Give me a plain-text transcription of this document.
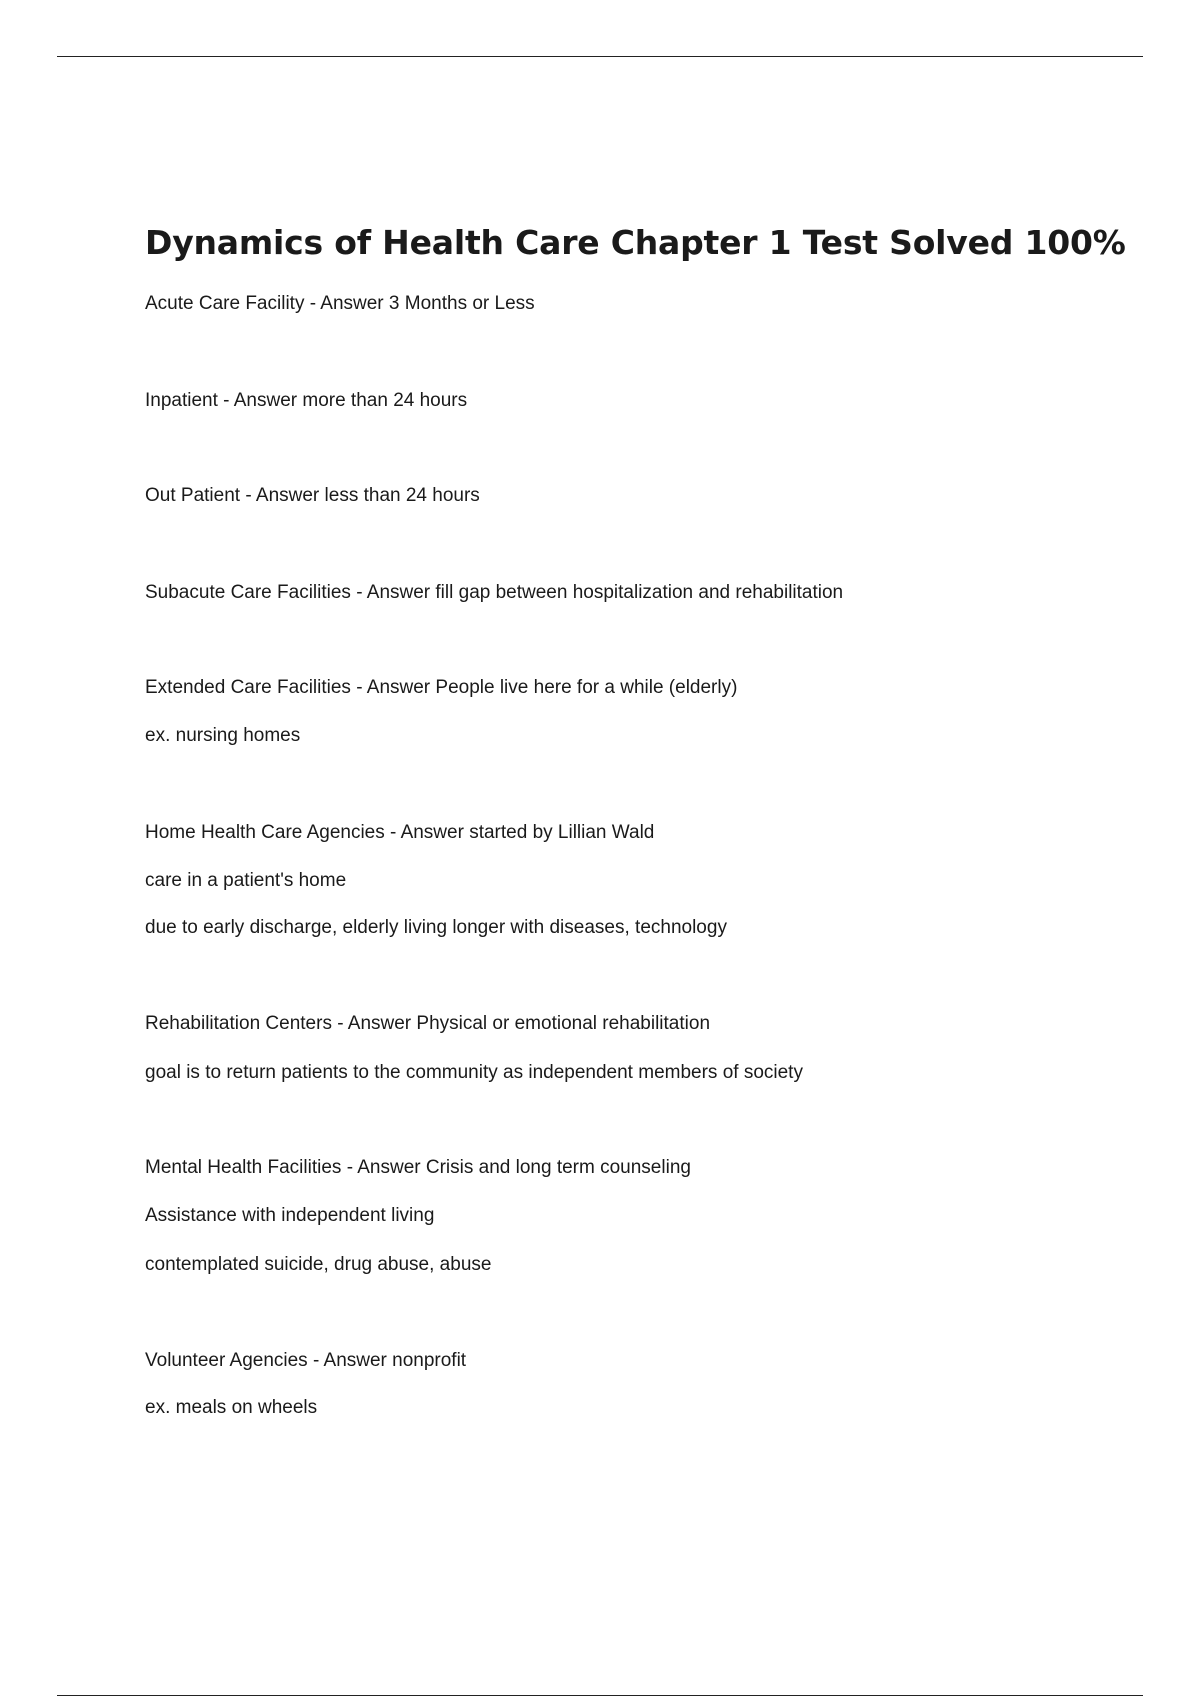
Dynamics of Health Care Chapter 1 Test Solved 100%

Acute Care Facility - Answer 3 Months or Less

Inpatient - Answer more than 24 hours

Out Patient - Answer less than 24 hours

Subacute Care Facilities - Answer fill gap between hospitalization and rehabilitation

Extended Care Facilities - Answer People live here for a while (elderly)

ex. nursing homes

Home Health Care Agencies - Answer started by Lillian Wald

care in a patient's home

due to early discharge, elderly living longer with diseases, technology

Rehabilitation Centers - Answer Physical or emotional rehabilitation

goal is to return patients to the community as independent members of society

Mental Health Facilities - Answer Crisis and long term counseling

Assistance with independent living

contemplated suicide, drug abuse, abuse

Volunteer Agencies - Answer nonprofit

ex. meals on wheels
